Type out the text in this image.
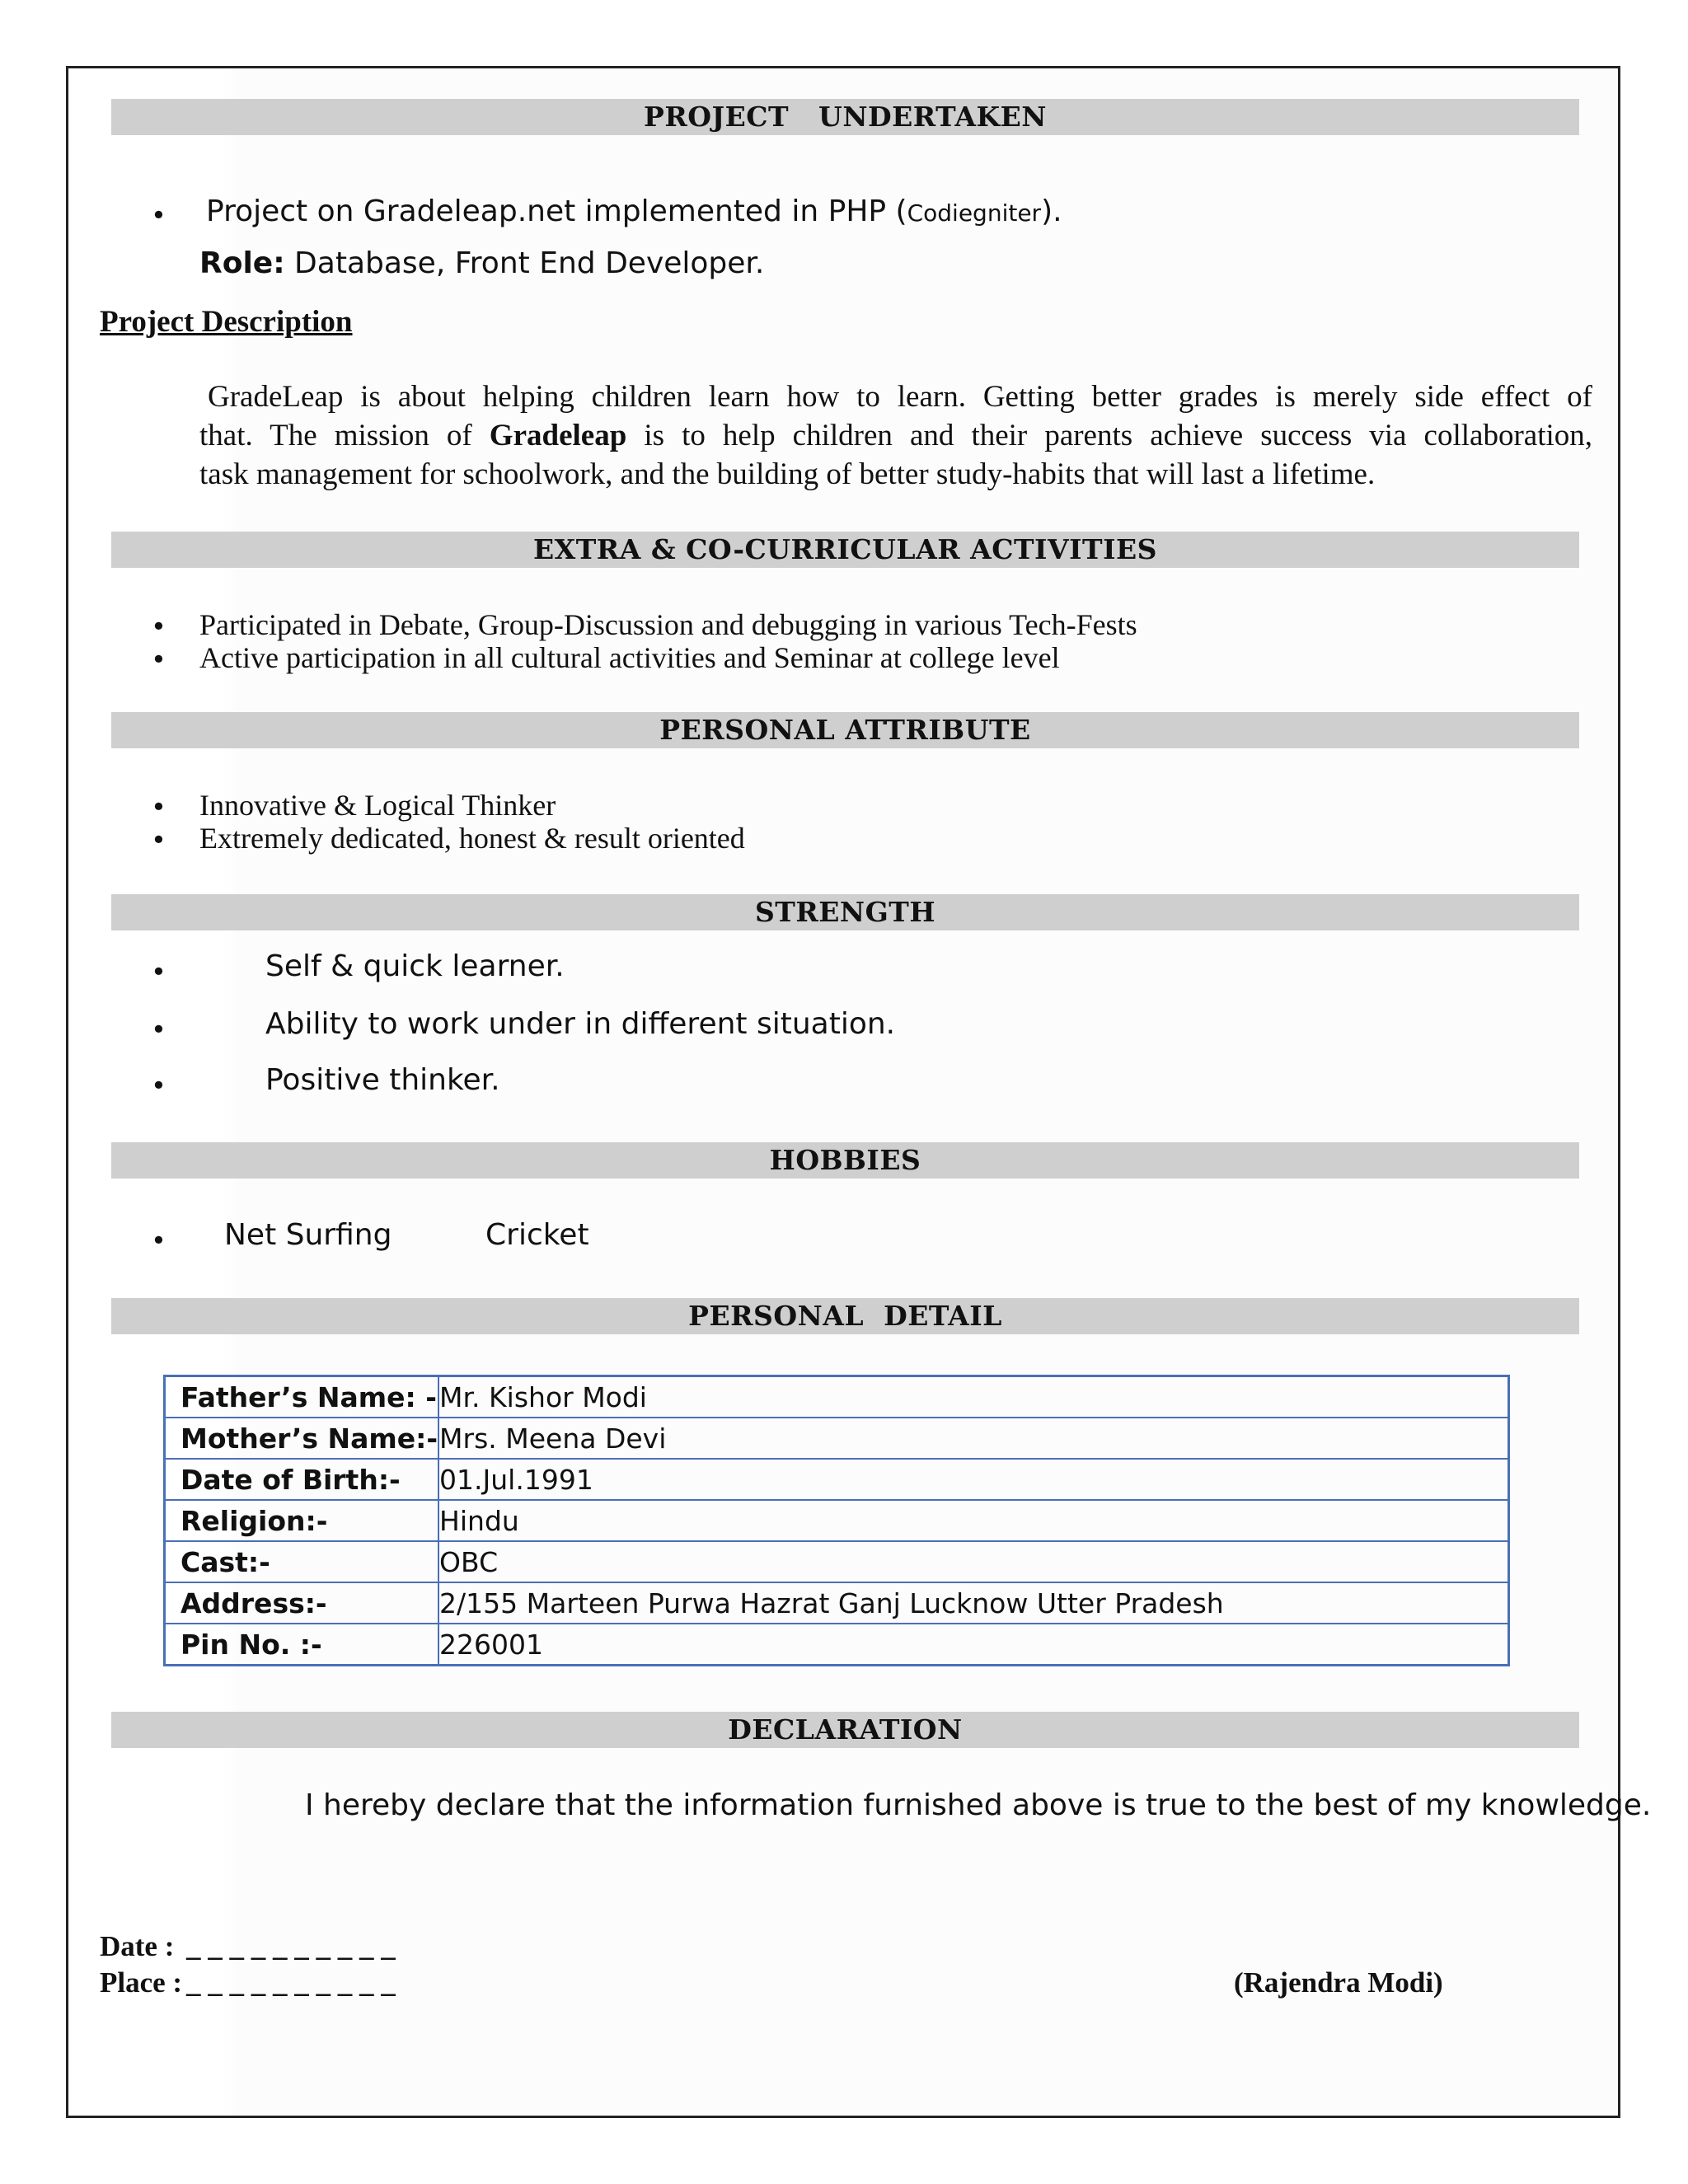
PROJECT   UNDERTAKEN
• Project on Gradeleap.net implemented in PHP (Codiegniter).
Role: Database, Front End Developer.
Project Description
GradeLeap is about helping children learn how to learn. Getting better grades is merely side effect of
that. The mission of Gradeleap is to help children and their parents achieve success via collaboration,
task management for schoolwork, and the building of better study-habits that will last a lifetime.
EXTRA & CO-CURRICULAR ACTIVITIES
• Participated in Debate, Group-Discussion and debugging in various Tech-Fests
• Active participation in all cultural activities and Seminar at college level
PERSONAL ATTRIBUTE
• Innovative & Logical Thinker
• Extremely dedicated, honest & result oriented
STRENGTH
•	Self & quick learner.
•	Ability to work under in different situation.
•	Positive thinker.
HOBBIES
• Net Surfing	Cricket
PERSONAL  DETAIL
Father’s Name: -	Mr. Kishor Modi
Mother’s Name:-	Mrs. Meena Devi
Date of Birth:-	01.Jul.1991
Religion:-	Hindu
Cast:-	OBC
Address:-	2/155 Marteen Purwa Hazrat Ganj Lucknow Utter Pradesh
Pin No. :-	226001
DECLARATION
I hereby declare that the information furnished above is true to the best of my knowledge.
Date : _ _ _ _ _ _ _ _ _ _
Place : _ _ _ _ _ _ _ _ _ _	(Rajendra Modi)
